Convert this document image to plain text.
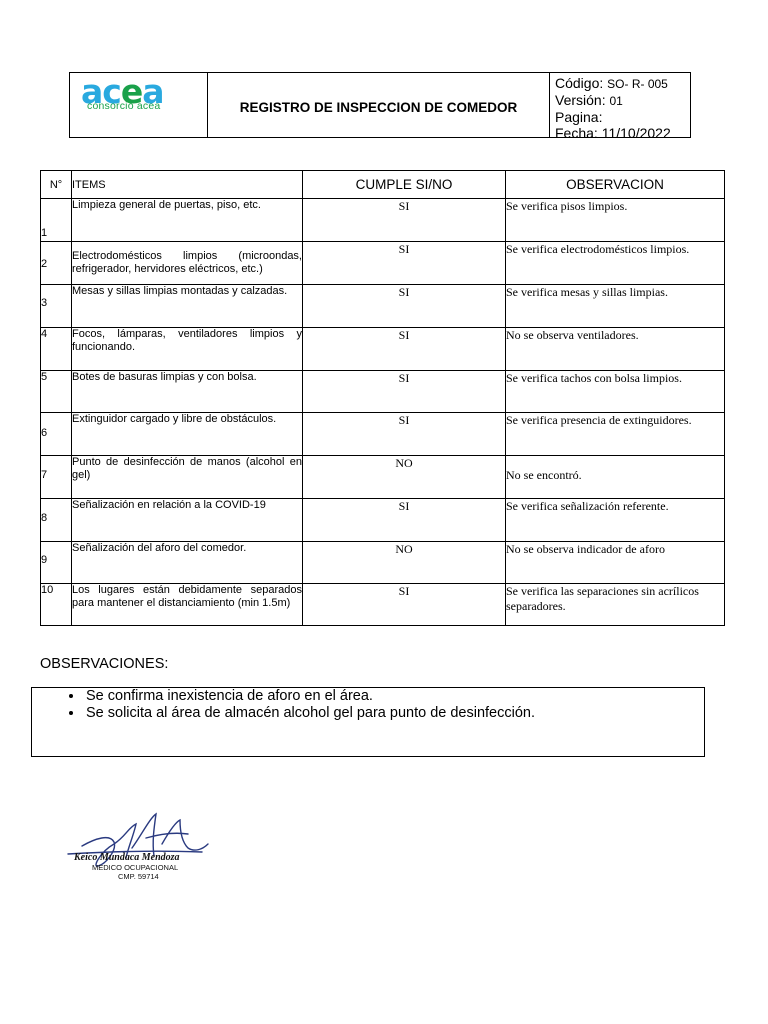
acea
consorcio acea	REGISTRO DE INSPECCION DE COMEDOR
Código: SO- R- 005
Versión: 01
Pagina:
Fecha: 11/10/2022
N°	ITEMS	CUMPLE SI/NO	OBSERVACION

1	Limpieza general de puertas, piso, etc.	SI	Se verifica pisos limpios.

2	Electrodomésticos limpios (microondas, refrigerador, hervidores eléctricos, etc.)	SI	Se verifica electrodomésticos limpios.

3	Mesas y sillas limpias montadas y calzadas.	SI	Se verifica mesas y sillas limpias.

4	Focos, lámparas, ventiladores limpios y funcionando.	SI	No se observa ventiladores.

5	Botes de basuras limpias y con bolsa.	SI	Se verifica tachos con bolsa limpios.

6	Extinguidor cargado y libre de obstáculos.	SI	Se verifica presencia de extinguidores.

7	Punto de desinfección de manos (alcohol en gel)	NO	No se encontró.

8	Señalización en relación a la COVID-19	SI	Se verifica señalización referente.

9	Señalización del aforo del comedor.	NO	No se observa indicador de aforo

10	Los lugares están debidamente separados para mantener el distanciamiento (min 1.5m)	SI	Se verifica las separaciones sin acrílicos separadores.
OBSERVACIONES:
• Se confirma inexistencia de aforo en el área.
• Se solicita al área de almacén alcohol gel para punto de desinfección.
Keico Mundaca Mendoza
MEDICO OCUPACIONAL
CMP. 59714
